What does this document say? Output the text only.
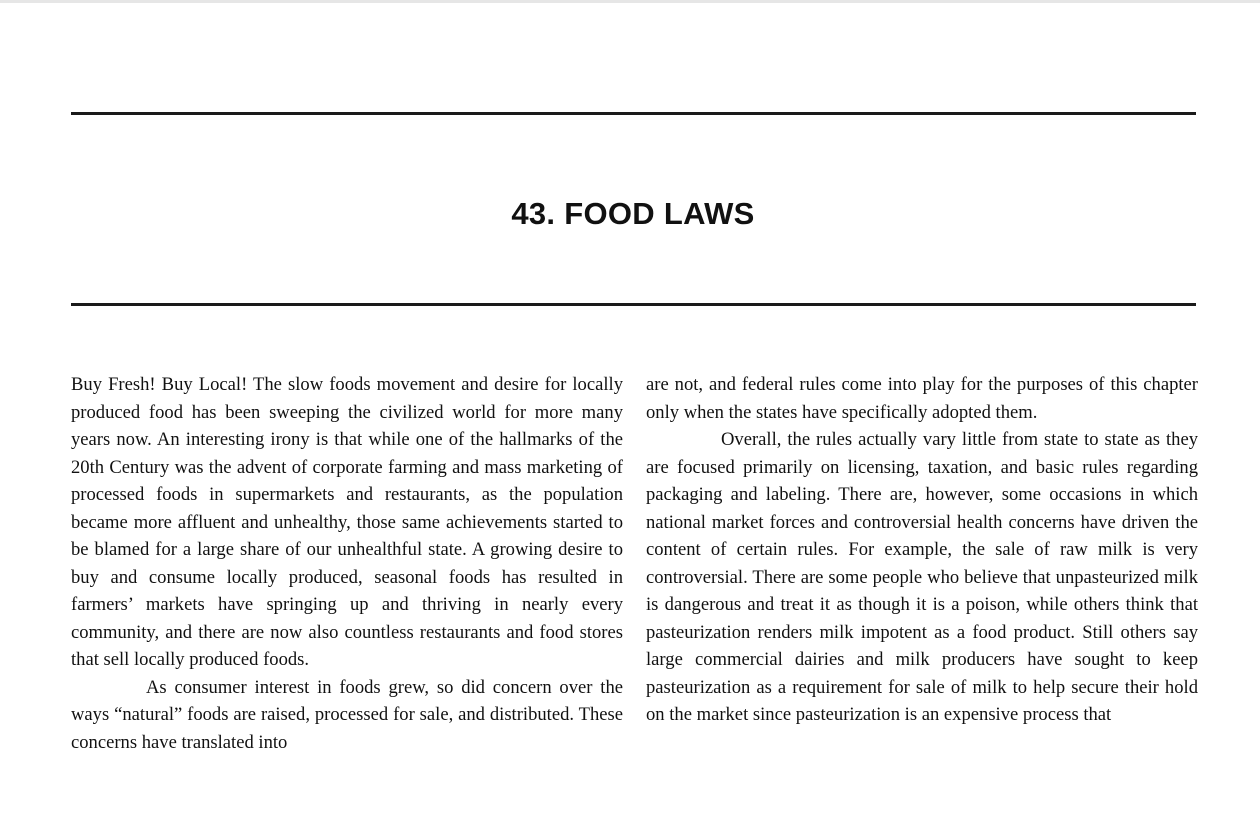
43. FOOD LAWS

Buy Fresh! Buy Local! The slow foods movement and desire for locally produced food has been sweeping the civilized world for more many years now. An interesting irony is that while one of the hallmarks of the 20th Century was the advent of corporate farming and mass marketing of processed foods in supermarkets and restaurants, as the population became more affluent and unhealthy, those same achievements started to be blamed for a large share of our unhealthful state. A growing desire to buy and consume locally produced, seasonal foods has resulted in farmers’ markets have springing up and thriving in nearly every community, and there are now also countless restaurants and food stores that sell locally produced foods.

As consumer interest in foods grew, so did concern over the ways “natural” foods are raised, processed for sale, and distributed. These concerns have translated into

are not, and federal rules come into play for the purposes of this chapter only when the states have specifically adopted them.

Overall, the rules actually vary little from state to state as they are focused primarily on licensing, taxation, and basic rules regarding packaging and labeling. There are, however, some occasions in which national market forces and controversial health concerns have driven the content of certain rules. For example, the sale of raw milk is very controversial. There are some people who believe that unpasteurized milk is dangerous and treat it as though it is a poison, while others think that pasteurization renders milk impotent as a food product. Still others say large commercial dairies and milk producers have sought to keep pasteurization as a requirement for sale of milk to help secure their hold on the market since pasteurization is an expensive process that
